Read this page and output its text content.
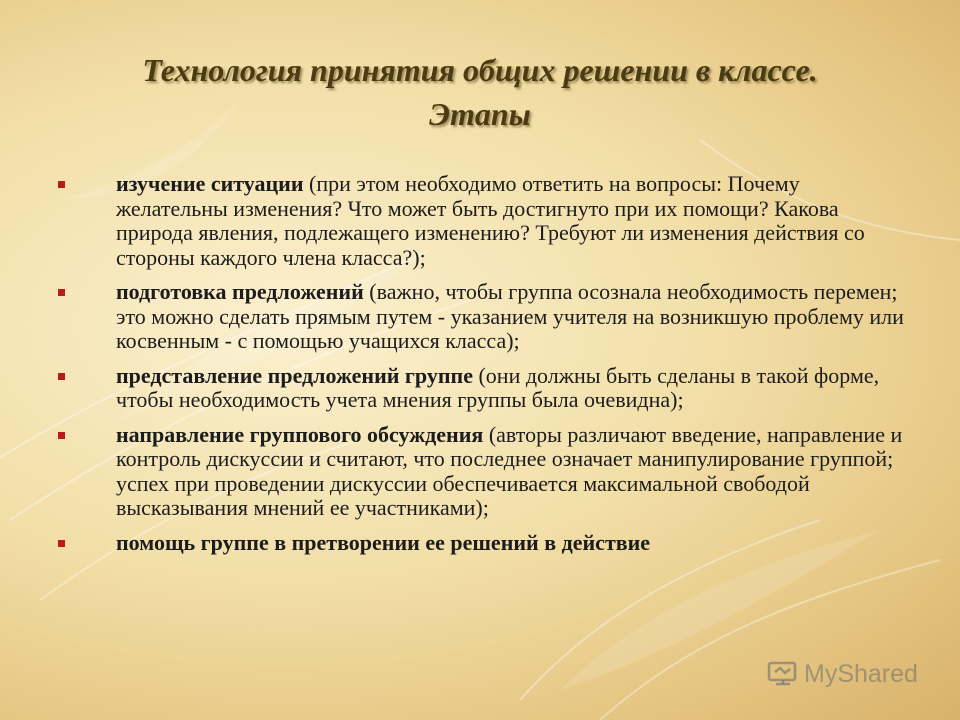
Технология принятия общих решении в классе.
Этапы
изучение ситуации (при этом необходимо ответить на вопросы: Почему желательны изменения? Что может быть достигнуто при их помощи? Какова природа явления, подлежащего изменению? Требуют ли изменения действия со стороны каждого члена класса?);
подготовка предложений (важно, чтобы группа осознала необходимость перемен; это можно сделать прямым путем - указанием учителя на возникшую проблему или косвенным - с помощью учащихся класса);
представление предложений группе (они должны быть сделаны в такой форме, чтобы необходимость учета мнения группы была очевидна);
направление группового обсуждения (авторы различают введение, направление и контроль дискуссии и считают, что последнее означает манипулирование группой; успех при проведении дискуссии обеспечивается максимальной свободой высказывания мнений ее участниками);
помощь группе в претворении ее решений в действие
MyShared
